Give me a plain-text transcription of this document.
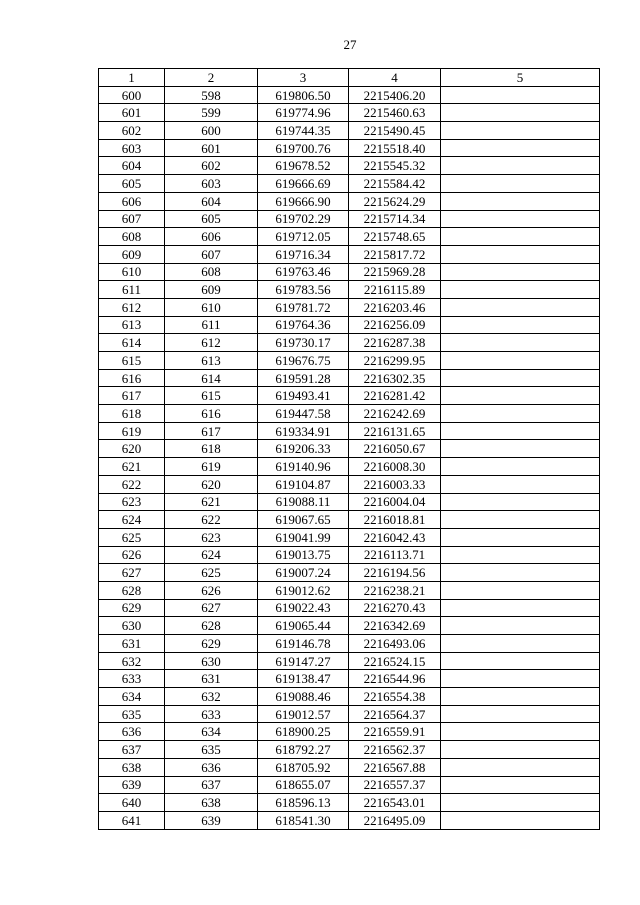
27
1	2	3	4	5
600	598	619806.50	2215406.20	
601	599	619774.96	2215460.63	
602	600	619744.35	2215490.45	
603	601	619700.76	2215518.40	
604	602	619678.52	2215545.32	
605	603	619666.69	2215584.42	
606	604	619666.90	2215624.29	
607	605	619702.29	2215714.34	
608	606	619712.05	2215748.65	
609	607	619716.34	2215817.72	
610	608	619763.46	2215969.28	
611	609	619783.56	2216115.89	
612	610	619781.72	2216203.46	
613	611	619764.36	2216256.09	
614	612	619730.17	2216287.38	
615	613	619676.75	2216299.95	
616	614	619591.28	2216302.35	
617	615	619493.41	2216281.42	
618	616	619447.58	2216242.69	
619	617	619334.91	2216131.65	
620	618	619206.33	2216050.67	
621	619	619140.96	2216008.30	
622	620	619104.87	2216003.33	
623	621	619088.11	2216004.04	
624	622	619067.65	2216018.81	
625	623	619041.99	2216042.43	
626	624	619013.75	2216113.71	
627	625	619007.24	2216194.56	
628	626	619012.62	2216238.21	
629	627	619022.43	2216270.43	
630	628	619065.44	2216342.69	
631	629	619146.78	2216493.06	
632	630	619147.27	2216524.15	
633	631	619138.47	2216544.96	
634	632	619088.46	2216554.38	
635	633	619012.57	2216564.37	
636	634	618900.25	2216559.91	
637	635	618792.27	2216562.37	
638	636	618705.92	2216567.88	
639	637	618655.07	2216557.37	
640	638	618596.13	2216543.01	
641	639	618541.30	2216495.09	
